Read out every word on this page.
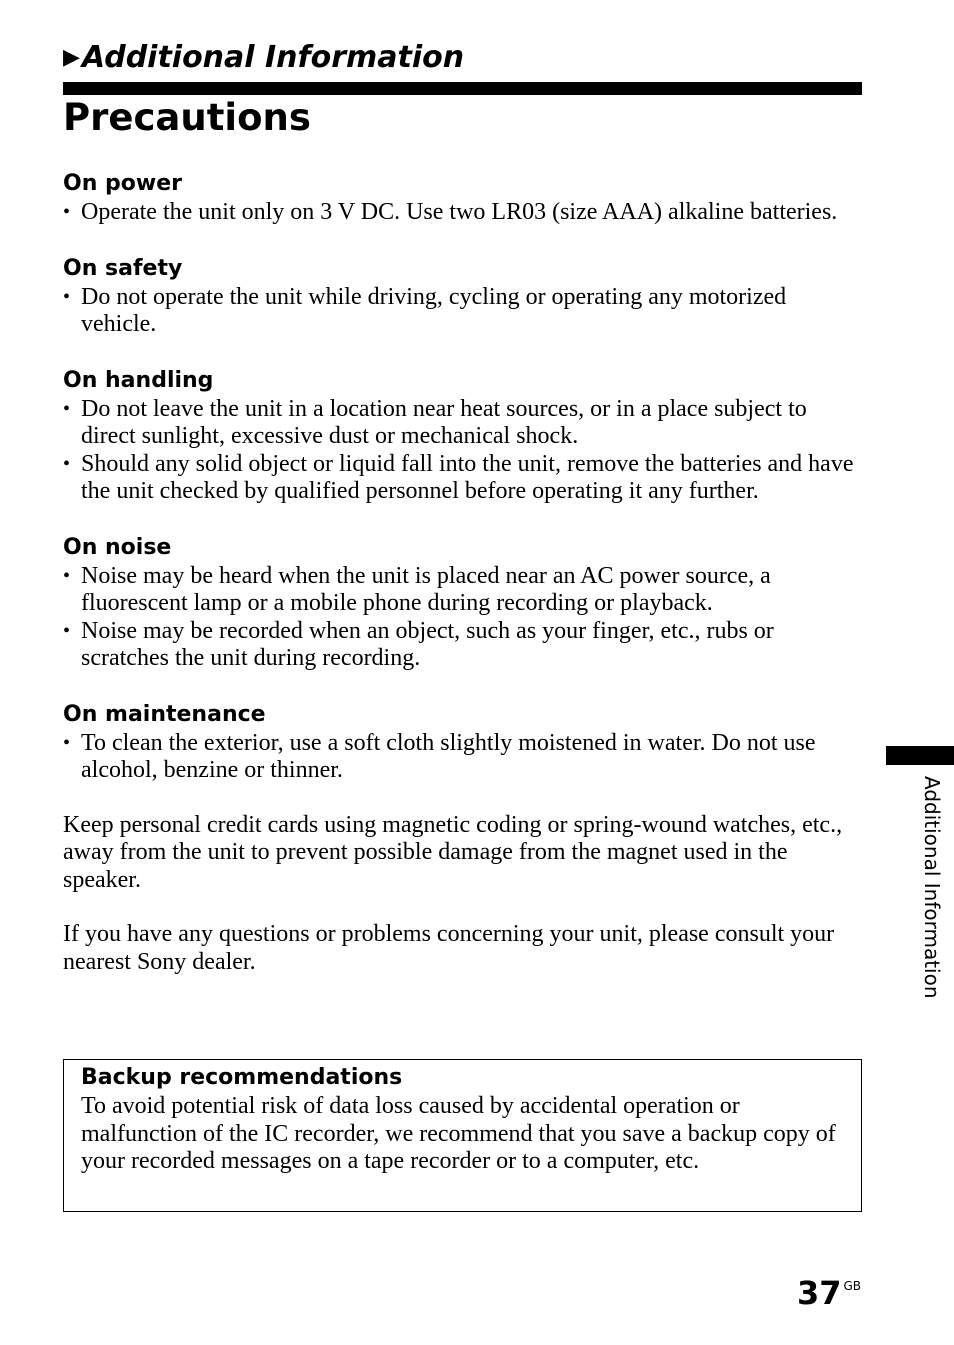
▶Additional Information
Precautions
On power
• Operate the unit only on 3 V DC. Use two LR03 (size AAA) alkaline batteries.
On safety
• Do not operate the unit while driving, cycling or operating any motorized vehicle.
On handling
• Do not leave the unit in a location near heat sources, or in a place subject to direct sunlight, excessive dust or mechanical shock.
• Should any solid object or liquid fall into the unit, remove the batteries and have the unit checked by qualified personnel before operating it any further.
On noise
• Noise may be heard when the unit is placed near an AC power source, a fluorescent lamp or a mobile phone during recording or playback.
• Noise may be recorded when an object, such as your finger, etc., rubs or scratches the unit during recording.
On maintenance
• To clean the exterior, use a soft cloth slightly moistened in water. Do not use alcohol, benzine or thinner.

Keep personal credit cards using magnetic coding or spring-wound watches, etc., away from the unit to prevent possible damage from the magnet used in the speaker.

If you have any questions or problems concerning your unit, please consult your nearest Sony dealer.

Backup recommendations

To avoid potential risk of data loss caused by accidental operation or malfunction of the IC recorder, we recommend that you save a backup copy of your recorded messages on a tape recorder or to a computer, etc.

Additional Information
37 $^{GB}$
